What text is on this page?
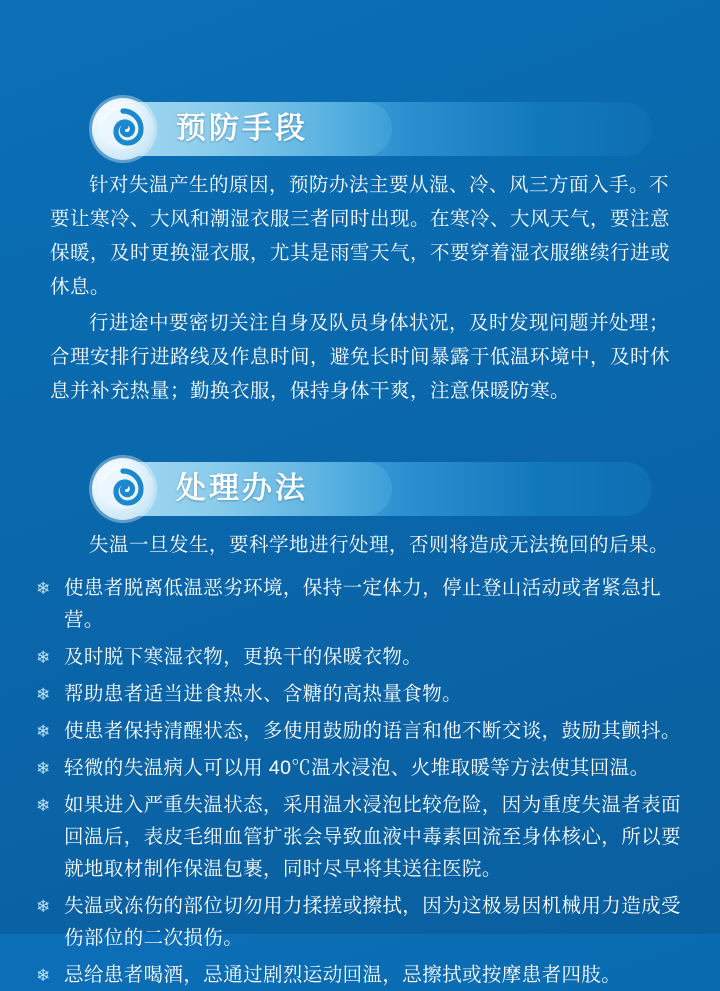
预防手段

针对失温产生的原因，预防办法主要从湿、冷、风三方面入手。不要让寒冷、大风和潮湿衣服三者同时出现。在寒冷、大风天气，要注意保暖，及时更换湿衣服，尤其是雨雪天气，不要穿着湿衣服继续行进或休息。

行进途中要密切关注自身及队员身体状况，及时发现问题并处理；合理安排行进路线及作息时间，避免长时间暴露于低温环境中，及时休息并补充热量；勤换衣服，保持身体干爽，注意保暖防寒。

处理办法

失温一旦发生，要科学地进行处理，否则将造成无法挽回的后果。

❄ 使患者脱离低温恶劣环境，保持一定体力，停止登山活动或者紧急扎营。
❄ 及时脱下寒湿衣物，更换干的保暖衣物。
❄ 帮助患者适当进食热水、含糖的高热量食物。
❄ 使患者保持清醒状态，多使用鼓励的语言和他不断交谈，鼓励其颤抖。
❄ 轻微的失温病人可以用 40℃温水浸泡、火堆取暖等方法使其回温。
❄ 如果进入严重失温状态，采用温水浸泡比较危险，因为重度失温者表面回温后，表皮毛细血管扩张会导致血液中毒素回流至身体核心，所以要就地取材制作保温包裹，同时尽早将其送往医院。
❄ 失温或冻伤的部位切勿用力揉搓或擦拭，因为这极易因机械用力造成受伤部位的二次损伤。
❄ 忌给患者喝酒，忌通过剧烈运动回温，忌擦拭或按摩患者四肢。
